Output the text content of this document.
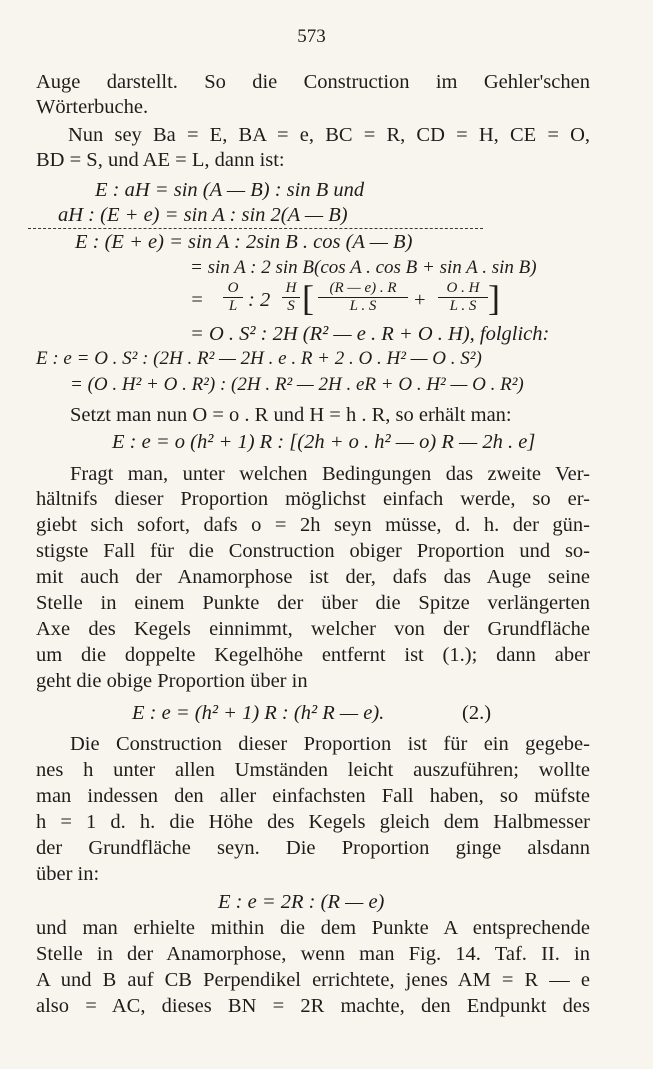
573
Auge darstellt. So die Construction im Gehler'schen
Wörterbuche.
Nun sey Ba = E, BA = e, BC = R, CD = H, CE = O,
BD = S, und AE = L, dann ist:
E : aH = sin (A — B) : sin B und
aH : (E + e) = sin A : sin 2(A — B)
E : (E + e) = sin A : 2sin B . cos (A — B)
= sin A : 2 sin B(cos A . cos B + sin A . sin B)
= $\frac{O}{L}$ : $2 \frac{H}{S}$ [ $\frac{(R — e) . R}{L . S} + \frac{O . H}{L . S}$ ]
= O . S² : 2H (R² — e . R + O . H), folglich:
E : e = O . S² : (2H . R² — 2H . e . R + 2 . O . H² — O . S²)
= (O . H² + O . R²) : (2H . R² — 2H . eR + O . H² — O . R²)
Setzt man nun O = o . R und H = h . R, so erhält man:
E : e = o (h² + 1) R : [(2h + o . h² — o) R — 2h . e]
Fragt man, unter welchen Bedingungen das zweite Ver-
hältnifs dieser Proportion möglichst einfach werde, so er-
giebt sich sofort, dafs o = 2h seyn müsse, d. h. der gün-
stigste Fall für die Construction obiger Proportion und so-
mit auch der Anamorphose ist der, dafs das Auge seine
Stelle in einem Punkte der über die Spitze verlängerten
Axe des Kegels einnimmt, welcher von der Grundfläche
um die doppelte Kegelhöhe entfernt ist (1.); dann aber
geht die obige Proportion über in
E : e = (h² + 1) R : (h² R — e).	(2.)
Die Construction dieser Proportion ist für ein gegebe-
nes h unter allen Umständen leicht auszuführen; wollte
man indessen den aller einfachsten Fall haben, so müfste
h = 1 d. h. die Höhe des Kegels gleich dem Halbmesser
der Grundfläche seyn. Die Proportion ginge alsdann
über in:
E : e = 2R : (R — e)
und man erhielte mithin die dem Punkte A entsprechende
Stelle in der Anamorphose, wenn man Fig. 14. Taf. II. in
A und B auf CB Perpendikel errichtete, jenes AM = R — e
also = AC, dieses BN = 2R machte, den Endpunkt des
